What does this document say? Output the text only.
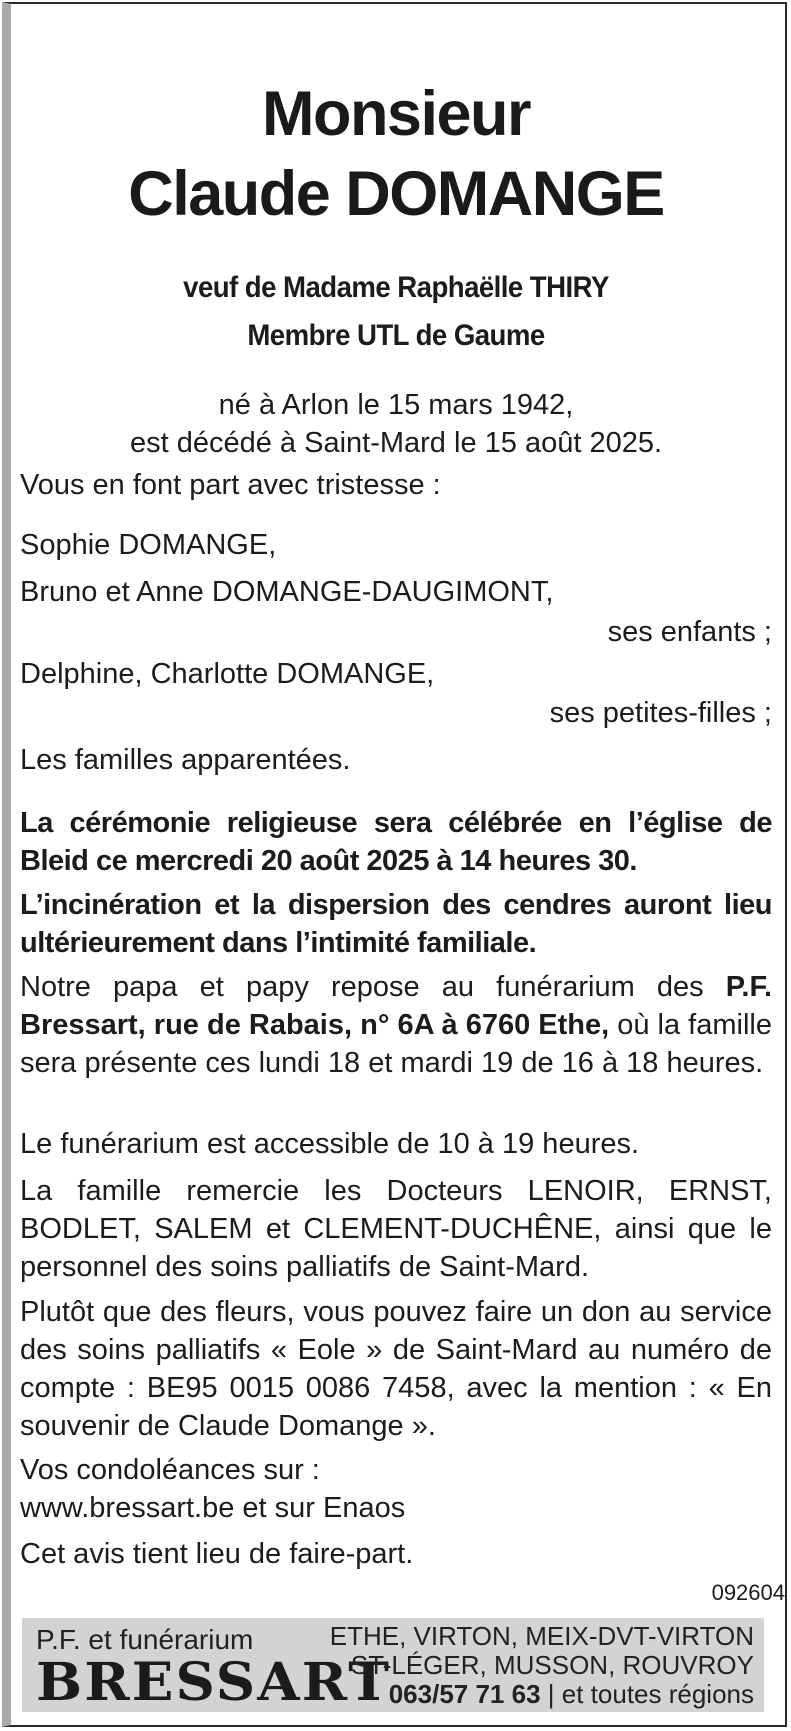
Monsieur
Claude DOMANGE
veuf de Madame Raphaëlle THIRY
Membre UTL de Gaume
né à Arlon le 15 mars 1942,
est décédé à Saint-Mard le 15 août 2025.
Vous en font part avec tristesse :
Sophie DOMANGE,
Bruno et Anne DOMANGE-DAUGIMONT,
ses enfants ;
Delphine, Charlotte DOMANGE,
ses petites-filles ;
Les familles apparentées.
La cérémonie religieuse sera célébrée en l’église de Bleid ce mercredi 20 août 2025 à 14 heures 30.
L’incinération et la dispersion des cendres auront lieu ultérieurement dans l’intimité familiale.
Notre papa et papy repose au funérarium des P.F. Bressart, rue de Rabais, n° 6A à 6760 Ethe, où la famille sera présente ces lundi 18 et mardi 19 de 16 à 18 heures.
Le funérarium est accessible de 10 à 19 heures.
La famille remercie les Docteurs LENOIR, ERNST, BODLET, SALEM et CLEMENT-DUCHÊNE, ainsi que le personnel des soins palliatifs de Saint-Mard.
Plutôt que des fleurs, vous pouvez faire un don au service des soins palliatifs « Eole » de Saint-Mard au numéro de compte : BE95 0015 0086 7458, avec la mention : « En souvenir de Claude Domange ».
Vos condoléances sur :
www.bressart.be et sur Enaos
Cet avis tient lieu de faire-part.
092604
P.F. et funérarium
BRESSART
ETHE, VIRTON, MEIX-DVT-VIRTON
ST-LÉGER, MUSSON, ROUVROY
063/57 71 63 | et toutes régions
